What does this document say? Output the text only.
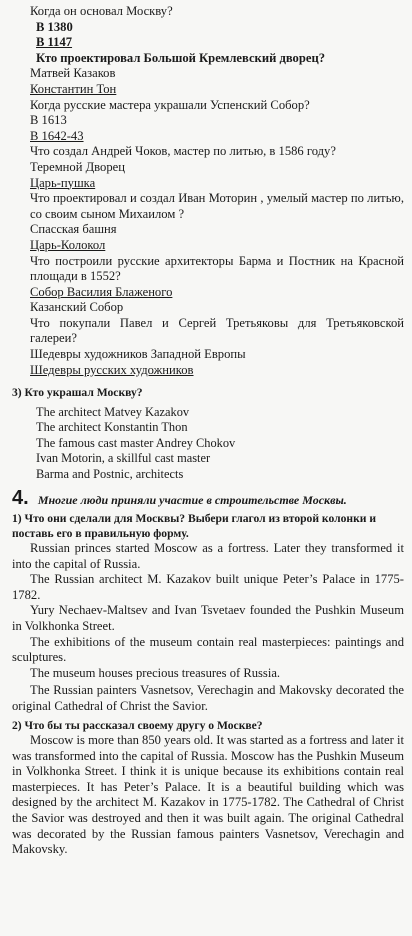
Когда он основал Москву?

В 1380

В 1147

Кто проектировал Большой Кремлевский дворец?

Матвей Казаков

Константин Тон

Когда русские мастера украшали Успенский Собор?

В 1613

В 1642-43

Что создал Андрей Чоков, мастер по литью, в 1586 году?

Теремной Дворец

Царь-пушка

Что проектировал и создал Иван Моторин , умелый мастер по литью, со своим сыном Михаилом ?

Спасская башня

Царь-Колокол

Что построили русские архитекторы Барма и Постник на Красной площади в 1552?

Собор Василия Блаженого

Казанский Собор

Что покупали Павел и Сергей Третьяковы для Третьяковской галереи?

Шедевры художников Западной Европы

Шедевры русских художников

3) Кто украшал Москву?

The architect Matvey Kazakov

The architect Konstantin Thon

The famous cast master Andrey Chokov

Ivan Motorin, a skillful cast master

Barma and Postnic, architects

4. Многие люди приняли участие в строительстве Москвы.

1) Что они сделали для Москвы? Выбери глагол из второй колонки и поставь его в правильную форму.

Russian princes started Moscow as a fortress. Later they transformed it into the capital of Russia.

The Russian architect M. Kazakov built unique Peter’s Palace in 1775-1782.

Yury Nechaev-Maltsev and Ivan Tsvetaev founded the Pushkin Museum in Volkhonka Street.

The exhibitions of the museum contain real masterpieces: paintings and sculptures.

The museum houses precious treasures of Russia.

The Russian painters Vasnetsov, Verechagin and Makovsky decorated the original Cathedral of Christ the Savior.

2) Что бы ты рассказал своему другу о Москве?

Moscow is more than 850 years old. It was started as a fortress and later it was transformed into the capital of Russia. Moscow has the Pushkin Museum in Volkhonka Street. I think it is unique because its exhibitions contain real masterpieces. It has Peter’s Palace. It is a beautiful building which was designed by the architect M. Kazakov in 1775-1782. The Cathedral of Christ the Savior was destroyed and then it was built again. The original Cathedral was decorated by the Russian famous painters Vasnetsov, Verechagin and Makovsky.
